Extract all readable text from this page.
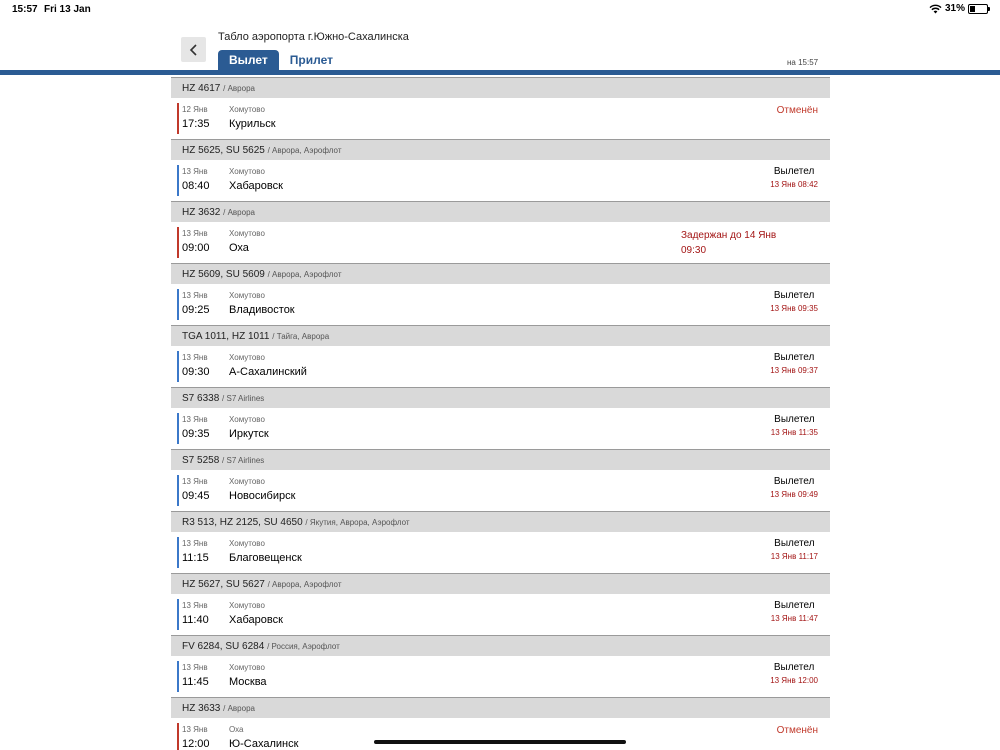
15:57 Fri 13 Jan	31%
Табло аэропорта г.Южно-Сахалинска
Вылет	Прилет	на 15:57
HZ 4617 / Аврора
12 Янв
17:35
Хомутово
Курильск
Отменён
HZ 5625, SU 5625 / Аврора, Аэрофлот
13 Янв
08:40
Хомутово
Хабаровск
Вылетел
13 Янв 08:42
HZ 3632 / Аврора
13 Янв
09:00
Хомутово
Оха
Задержан до 14 Янв
09:30
HZ 5609, SU 5609 / Аврора, Аэрофлот
13 Янв
09:25
Хомутово
Владивосток
Вылетел
13 Янв 09:35
TGA 1011, HZ 1011 / Тайга, Аврора
13 Янв
09:30
Хомутово
А-Сахалинский
Вылетел
13 Янв 09:37
S7 6338 / S7 Airlines
13 Янв
09:35
Хомутово
Иркутск
Вылетел
13 Янв 11:35
S7 5258 / S7 Airlines
13 Янв
09:45
Хомутово
Новосибирск
Вылетел
13 Янв 09:49
R3 513, HZ 2125, SU 4650 / Якутия, Аврора, Аэрофлот
13 Янв
11:15
Хомутово
Благовещенск
Вылетел
13 Янв 11:17
HZ 5627, SU 5627 / Аврора, Аэрофлот
13 Янв
11:40
Хомутово
Хабаровск
Вылетел
13 Янв 11:47
FV 6284, SU 6284 / Россия, Аэрофлот
13 Янв
11:45
Хомутово
Москва
Вылетел
13 Янв 12:00
HZ 3633 / Аврора
13 Янв
12:00
Оха
Ю-Сахалинск
Отменён
